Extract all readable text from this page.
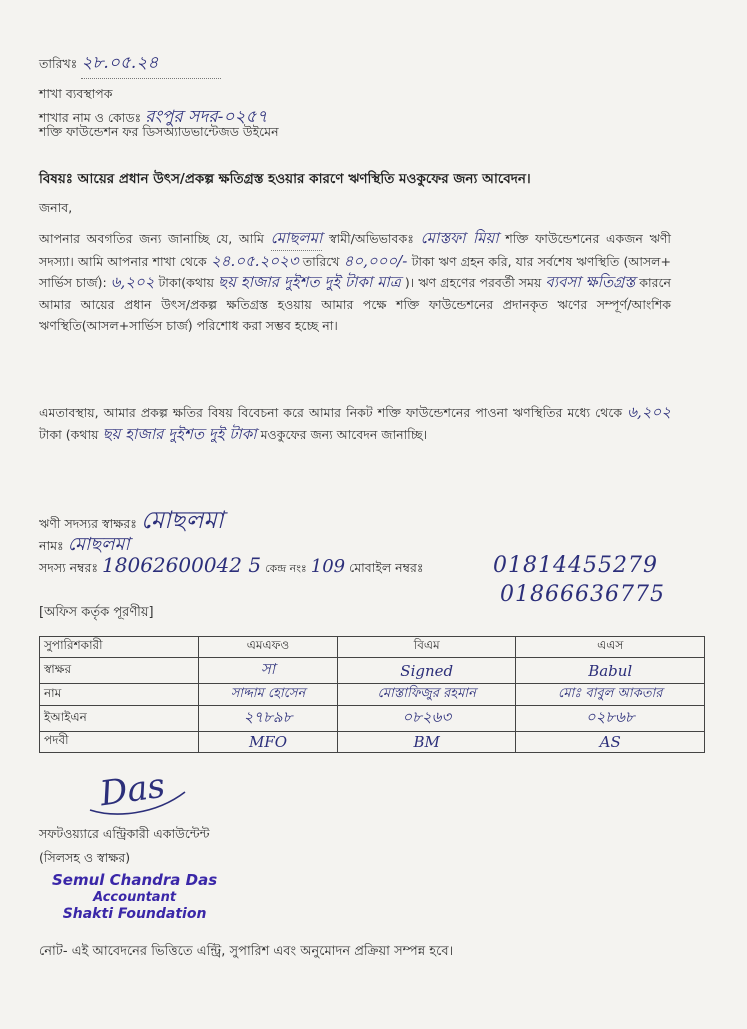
তারিখঃ ২৮.০৫.২৪
শাখা ব্যবস্থাপক
শাখার নাম ও কোডঃ রংপুর সদর-০২৫৭
শক্তি ফাউন্ডেশন ফর ডিসঅ্যাডভান্টেজড উইমেন
বিষয়ঃ আয়ের প্রধান উৎস/প্রকল্প ক্ষতিগ্রস্ত হওয়ার কারণে ঋণস্থিতি মওকুফের জন্য আবেদন।
জনাব,
আপনার অবগতির জন্য জানাচ্ছি যে, আমি মোছলমা স্বামী/অভিভাবকঃ মোস্তফা মিয়া শক্তি ফাউন্ডেশনের একজন ঋণী সদস্যা। আমি আপনার শাখা থেকে ২৪.০৫.২০২৩ তারিখে ৪০,০০০/- টাকা ঋণ গ্রহন করি, যার সর্বশেষ ঋণস্থিতি (আসল+ সার্ভিস চার্জ): ৬,২০২ টাকা(কথায় ছয় হাজার দুইশত দুই টাকা মাত্র )। ঋণ গ্রহণের পরবর্তী সময় ব্যবসা ক্ষতিগ্রস্ত কারনে আমার আয়ের প্রধান উৎস/প্রকল্প ক্ষতিগ্রস্ত হওয়ায় আমার পক্ষে শক্তি ফাউন্ডেশনের প্রদানকৃত ঋণের সম্পূর্ণ/আংশিক ঋণস্থিতি(আসল+সার্ভিস চার্জ) পরিশোধ করা সম্ভব হচ্ছে না।
এমতাবস্থায়, আমার প্রকল্প ক্ষতির বিষয় বিবেচনা করে আমার নিকট শক্তি ফাউন্ডেশনের পাওনা ঋণস্থিতির মধ্যে থেকে ৬,২০২ টাকা (কথায় ছয় হাজার দুইশত দুই টাকা মওকুফের জন্য আবেদন জানাচ্ছি।
ঋণী সদস্যর স্বাক্ষরঃ মোছলমা
নামঃ মোছলমা
সদস্য নম্বরঃ 18062600042 5 কেন্দ্র নংঃ 109 মোবাইল নম্বরঃ	01814455279
01866636775
[অফিস কর্তৃক পূরণীয়]
সুপারিশকারী	এমএফও	বিএম	এএস
স্বাক্ষর	সা	Signed	Babul
নাম	সাদ্দাম হোসেন	মোস্তাফিজুর রহমান	মোঃ বাবুল আকতার
ইআইএন	২৭৮৯৮	০৮২৬৩	০২৮৬৮
পদবী	MFO	BM	AS
Das
সফটওয়্যারে এন্ট্রিকারী একাউন্টেন্ট
(সিলসহ ও স্বাক্ষর)
Semul Chandra Das
Accountant
Shakti Foundation
নোট- এই আবেদনের ভিত্তিতে এন্ট্রি, সুপারিশ এবং অনুমোদন প্রক্রিয়া সম্পন্ন হবে।
